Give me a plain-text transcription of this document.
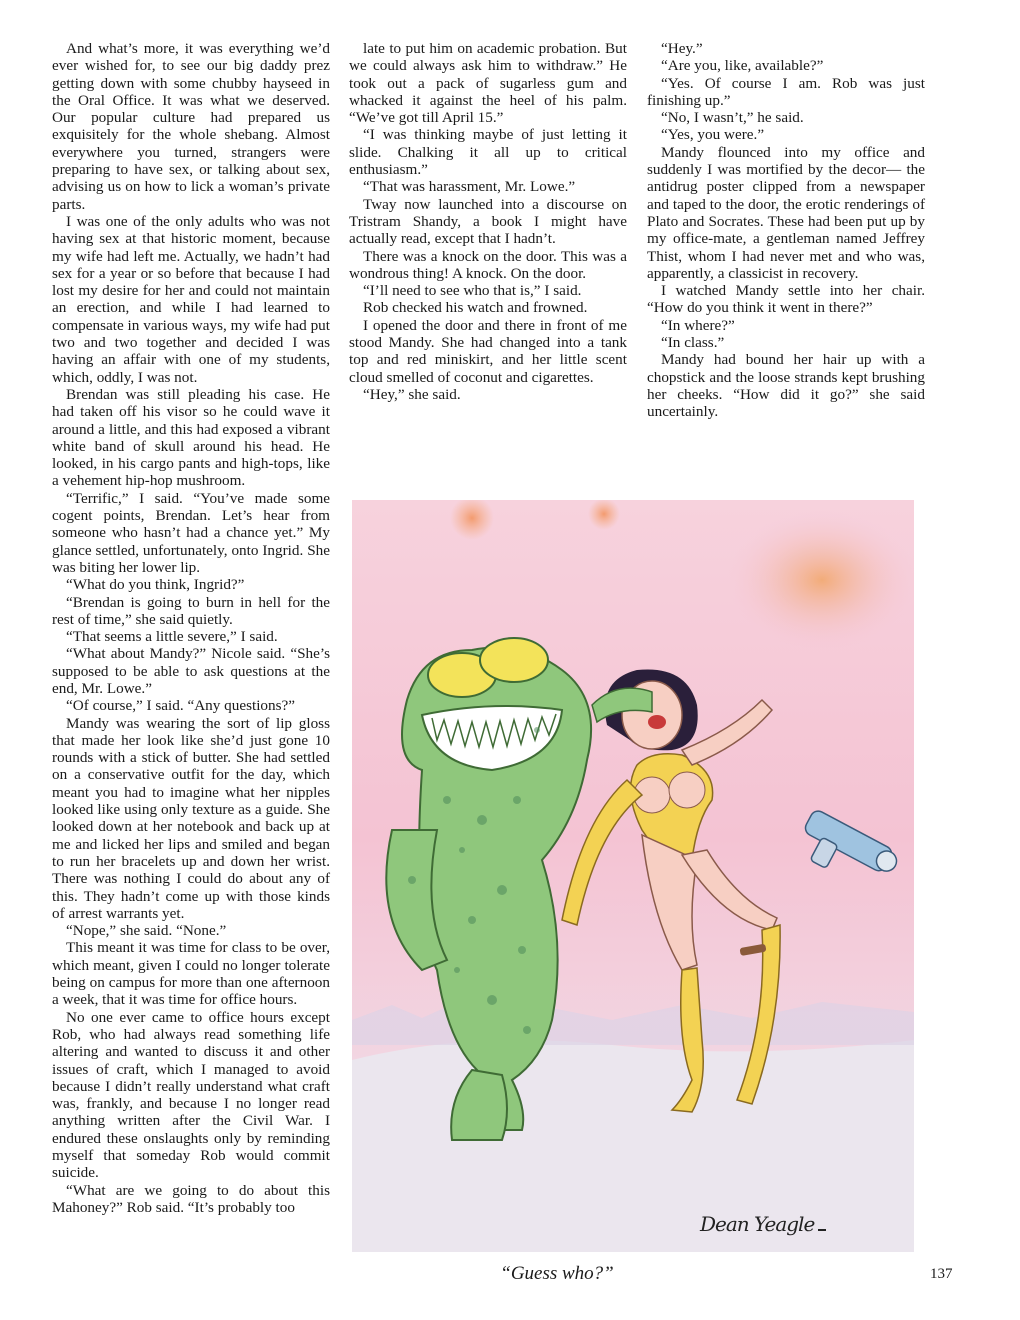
And what’s more, it was everything we’d ever wished for, to see our big daddy prez getting down with some chubby hayseed in the Oral Office. It was what we deserved. Our popular culture had prepared us exquisitely for the whole shebang. Almost everywhere you turned, strangers were preparing to have sex, or talking about sex, advising us on how to lick a woman’s private parts.

I was one of the only adults who was not having sex at that historic moment, because my wife had left me. Actually, we hadn’t had sex for a year or so before that because I had lost my desire for her and could not maintain an erection, and while I had learned to compensate in various ways, my wife had put two and two together and decided I was having an affair with one of my students, which, oddly, I was not.

Brendan was still pleading his case. He had taken off his visor so he could wave it around a little, and this had exposed a vibrant white band of skull around his head. He looked, in his cargo pants and high-tops, like a vehement hip-hop mushroom.

“Terrific,” I said. “You’ve made some cogent points, Brendan. Let’s hear from someone who hasn’t had a chance yet.” My glance settled, unfortunately, onto Ingrid. She was biting her lower lip.

“What do you think, Ingrid?”

“Brendan is going to burn in hell for the rest of time,” she said quietly.

“That seems a little severe,” I said.

“What about Mandy?” Nicole said. “She’s supposed to be able to ask questions at the end, Mr. Lowe.”

“Of course,” I said. “Any questions?”

Mandy was wearing the sort of lip gloss that made her look like she’d just gone 10 rounds with a stick of butter. She had settled on a conservative outfit for the day, which meant you had to imagine what her nipples looked like using only texture as a guide. She looked down at her notebook and back up at me and licked her lips and smiled and began to run her bracelets up and down her wrist. There was nothing I could do about any of this. They hadn’t come up with those kinds of arrest warrants yet.

“Nope,” she said. “None.”

This meant it was time for class to be over, which meant, given I could no longer tolerate being on campus for more than one afternoon a week, that it was time for office hours.

No one ever came to office hours except Rob, who had always read something life altering and wanted to discuss it and other issues of craft, which I managed to avoid because I didn’t really understand what craft was, frankly, and because I no longer read anything written after the Civil War. I endured these onslaughts only by reminding myself that someday Rob would commit suicide.

“What are we going to do about this Mahoney?” Rob said. “It’s probably too

late to put him on academic probation. But we could always ask him to withdraw.” He took out a pack of sugarless gum and whacked it against the heel of his palm. “We’ve got till April 15.”

“I was thinking maybe of just letting it slide. Chalking it all up to critical enthusiasm.”

“That was harassment, Mr. Lowe.”

Tway now launched into a discourse on Tristram Shandy, a book I might have actually read, except that I hadn’t.

There was a knock on the door. This was a wondrous thing! A knock. On the door.

“I’ll need to see who that is,” I said.

Rob checked his watch and frowned.

I opened the door and there in front of me stood Mandy. She had changed into a tank top and red miniskirt, and her little scent cloud smelled of coconut and cigarettes.

“Hey,” she said.

“Hey.”

“Are you, like, available?”

“Yes. Of course I am. Rob was just finishing up.”

“No, I wasn’t,” he said.

“Yes, you were.”

Mandy flounced into my office and suddenly I was mortified by the decor— the antidrug poster clipped from a newspaper and taped to the door, the erotic renderings of Plato and Socrates. These had been put up by my office-mate, a gentleman named Jeffrey Thist, whom I had never met and who was, apparently, a classicist in recovery.

I watched Mandy settle into her chair. “How do you think it went in there?”

“In where?”

“In class.”

Mandy had bound her hair up with a chopstick and the loose strands kept brushing her cheeks. “How did it go?” she said uncertainly.

Dean Yeagle
“Guess who?”	137
